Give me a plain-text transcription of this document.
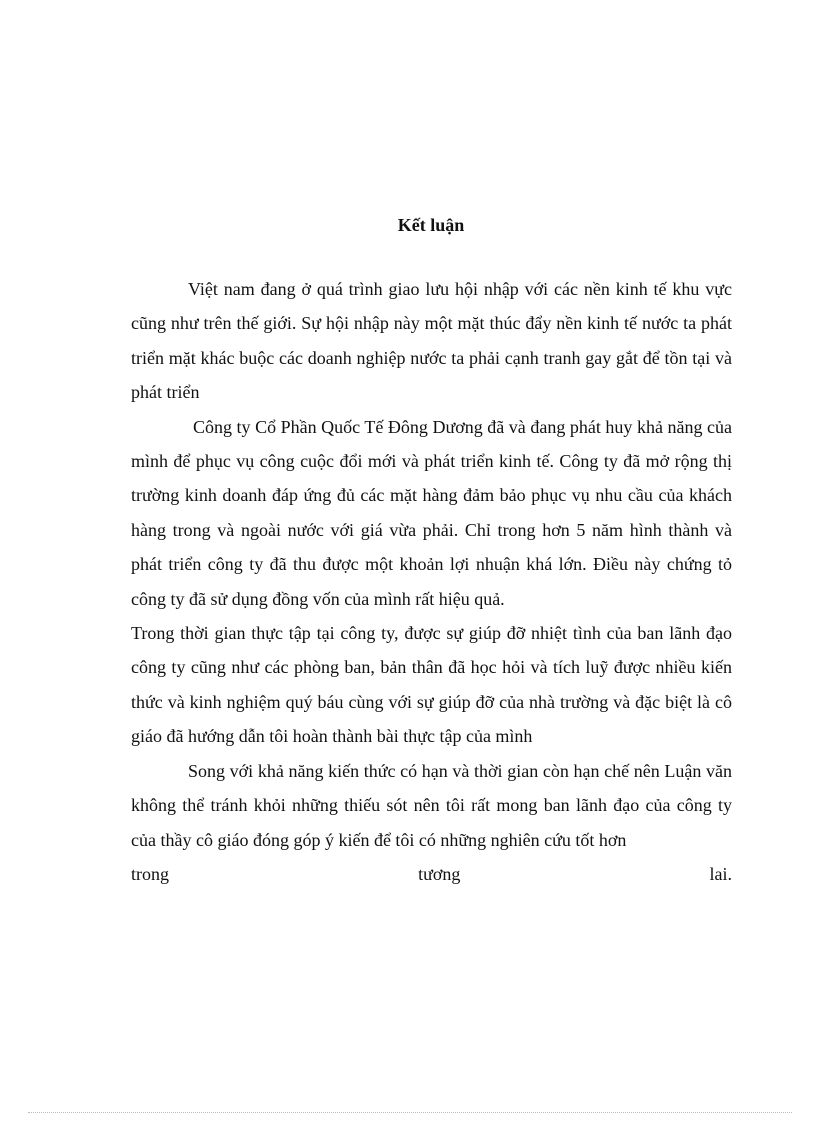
Kết luận

Việt nam đang ở quá trình giao lưu hội nhập với các nền kinh tế khu vực cũng như trên thế giới. Sự hội nhập này một mặt thúc đẩy nền kinh tế nước ta phát triển mặt khác buộc các doanh nghiệp nước ta phải cạnh tranh gay gắt để tồn tại và phát triển

Công ty Cổ Phần Quốc Tế Đông Dương đã và đang phát huy khả năng của mình để phục vụ công cuộc đổi mới và phát triển kinh tế. Công ty đã mở rộng thị trường kinh doanh đáp ứng đủ các mặt hàng đảm bảo phục vụ nhu cầu của khách hàng trong và ngoài nước với giá vừa phải. Chỉ trong hơn 5 năm hình thành và phát triển công ty đã thu được một khoản lợi nhuận khá lớn. Điều này chứng tỏ công ty đã sử dụng đồng vốn của mình rất hiệu quả.

Trong thời gian thực tập tại công ty, được sự giúp đỡ nhiệt tình của ban lãnh đạo công ty cũng như các phòng ban, bản thân đã học hỏi và tích luỹ được nhiều kiến thức và kinh nghiệm quý báu cùng với sự giúp đỡ của nhà trường và đặc biệt là cô giáo đã hướng dẫn tôi hoàn thành bài thực tập của mình

Song với khả năng kiến thức có hạn và thời gian còn hạn chế nên Luận văn không thể tránh khỏi những thiếu sót nên tôi rất mong ban lãnh đạo của công ty của thầy cô giáo đóng góp ý kiến để tôi có những nghiên cứu tốt hơn

trong	tương	lai.
